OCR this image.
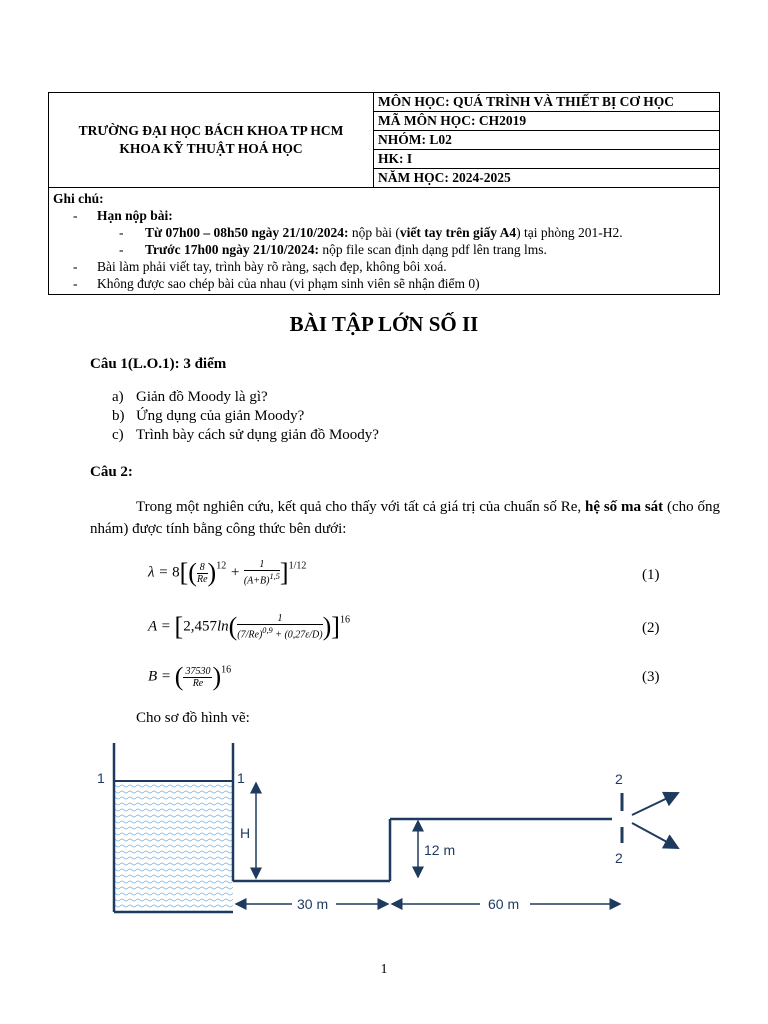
TRƯỜNG ĐẠI HỌC BÁCH KHOA TP HCM
KHOA KỸ THUẬT HOÁ HỌC
	MÔN HỌC: QUÁ TRÌNH VÀ THIẾT BỊ CƠ HỌC
MÃ MÔN HỌC: CH2019
NHÓM: L02
HK: I
NĂM HỌC: 2024-2025

Ghi chú:
- Hạn nộp bài:
- Từ 07h00 – 08h50 ngày 21/10/2024: nộp bài (viết tay trên giấy A4) tại phòng 201-H2.
- Trước 17h00 ngày 21/10/2024: nộp file scan định dạng pdf lên trang lms.
- Bài làm phải viết tay, trình bày rõ ràng, sạch đẹp, không bôi xoá.
- Không được sao chép bài của nhau (vi phạm sinh viên sẽ nhận điểm 0)
BÀI TẬP LỚN SỐ II
Câu 1(L.O.1): 3 điểm
a) Giản đồ Moody là gì?
b) Ứng dụng của giản Moody?
c) Trình bày cách sử dụng giản đồ Moody?
Câu 2:
Trong một nghiên cứu, kết quả cho thấy với tất cả giá trị của chuẩn số Re, hệ số ma sát (cho ống nhám) được tính bằng công thức bên dưới:
$\lambda = 8[( \frac{8}{Re} )^{12} + \frac{1}{(A+B)^{1,5}} ]^{1/12}$
(1)
$A = [2,457\ln( \frac{1}{(7/Re)^{0,9} + (0,27\varepsilon/D)} )]^{16}$
(2)
B = ( $\frac{37530}{Re} )^{16}$	(3)
Cho sơ đồ hình vẽ:
1	1
H
12 m
2
2
30 m	60 m
1
